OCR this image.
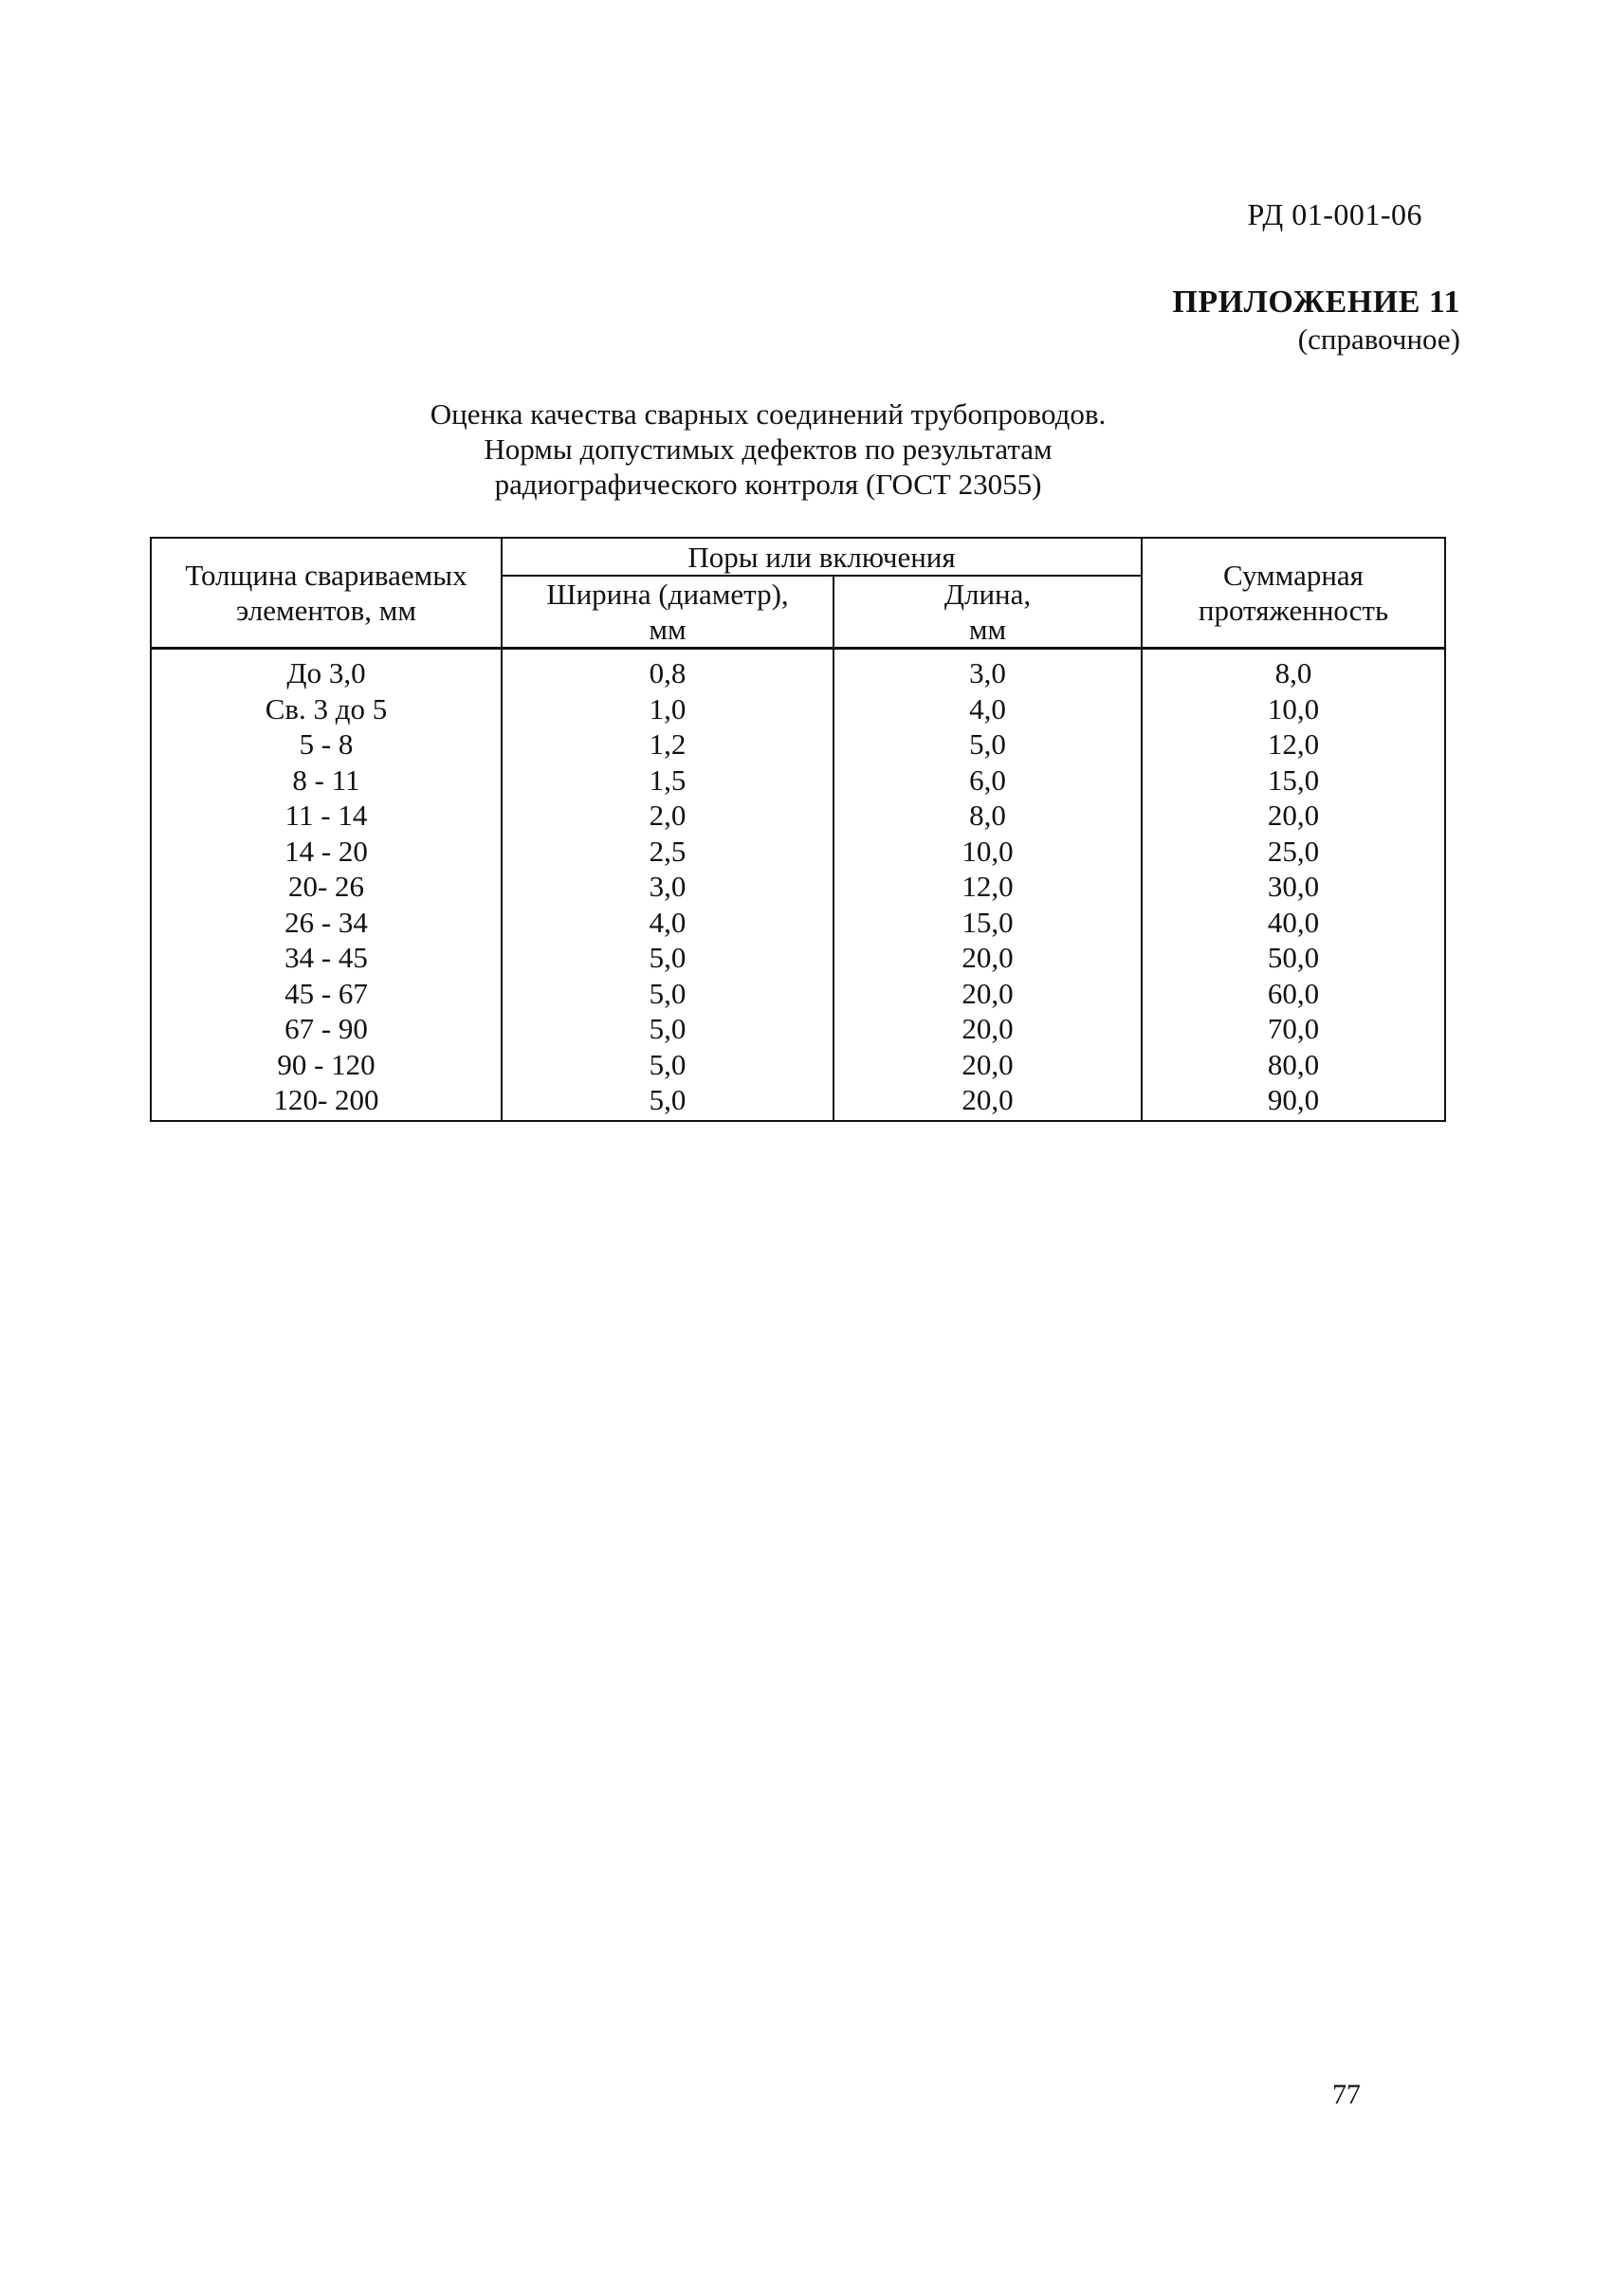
РД 01-001-06
ПРИЛОЖЕНИЕ 11
(справочное)
Оценка качества сварных соединений трубопроводов.
Нормы допустимых дефектов по результатам
радиографического контроля (ГОСТ 23055)
Толщина свариваемых
элементов, мм	Поры или включения		Суммарная
протяженность
	Ширина (диаметр),
мм	Длина,
мм	
До 3,0	0,8	3,0	8,0
Св. 3 до 5	1,0	4,0	10,0
5 - 8	1,2	5,0	12,0
8 - 11	1,5	6,0	15,0
11 - 14	2,0	8,0	20,0
14 - 20	2,5	10,0	25,0
20- 26	3,0	12,0	30,0
26 - 34	4,0	15,0	40,0
34 - 45	5,0	20,0	50,0
45 - 67	5,0	20,0	60,0
67 - 90	5,0	20,0	70,0
90 - 120	5,0	20,0	80,0
120- 200	5,0	20,0	90,0
77
